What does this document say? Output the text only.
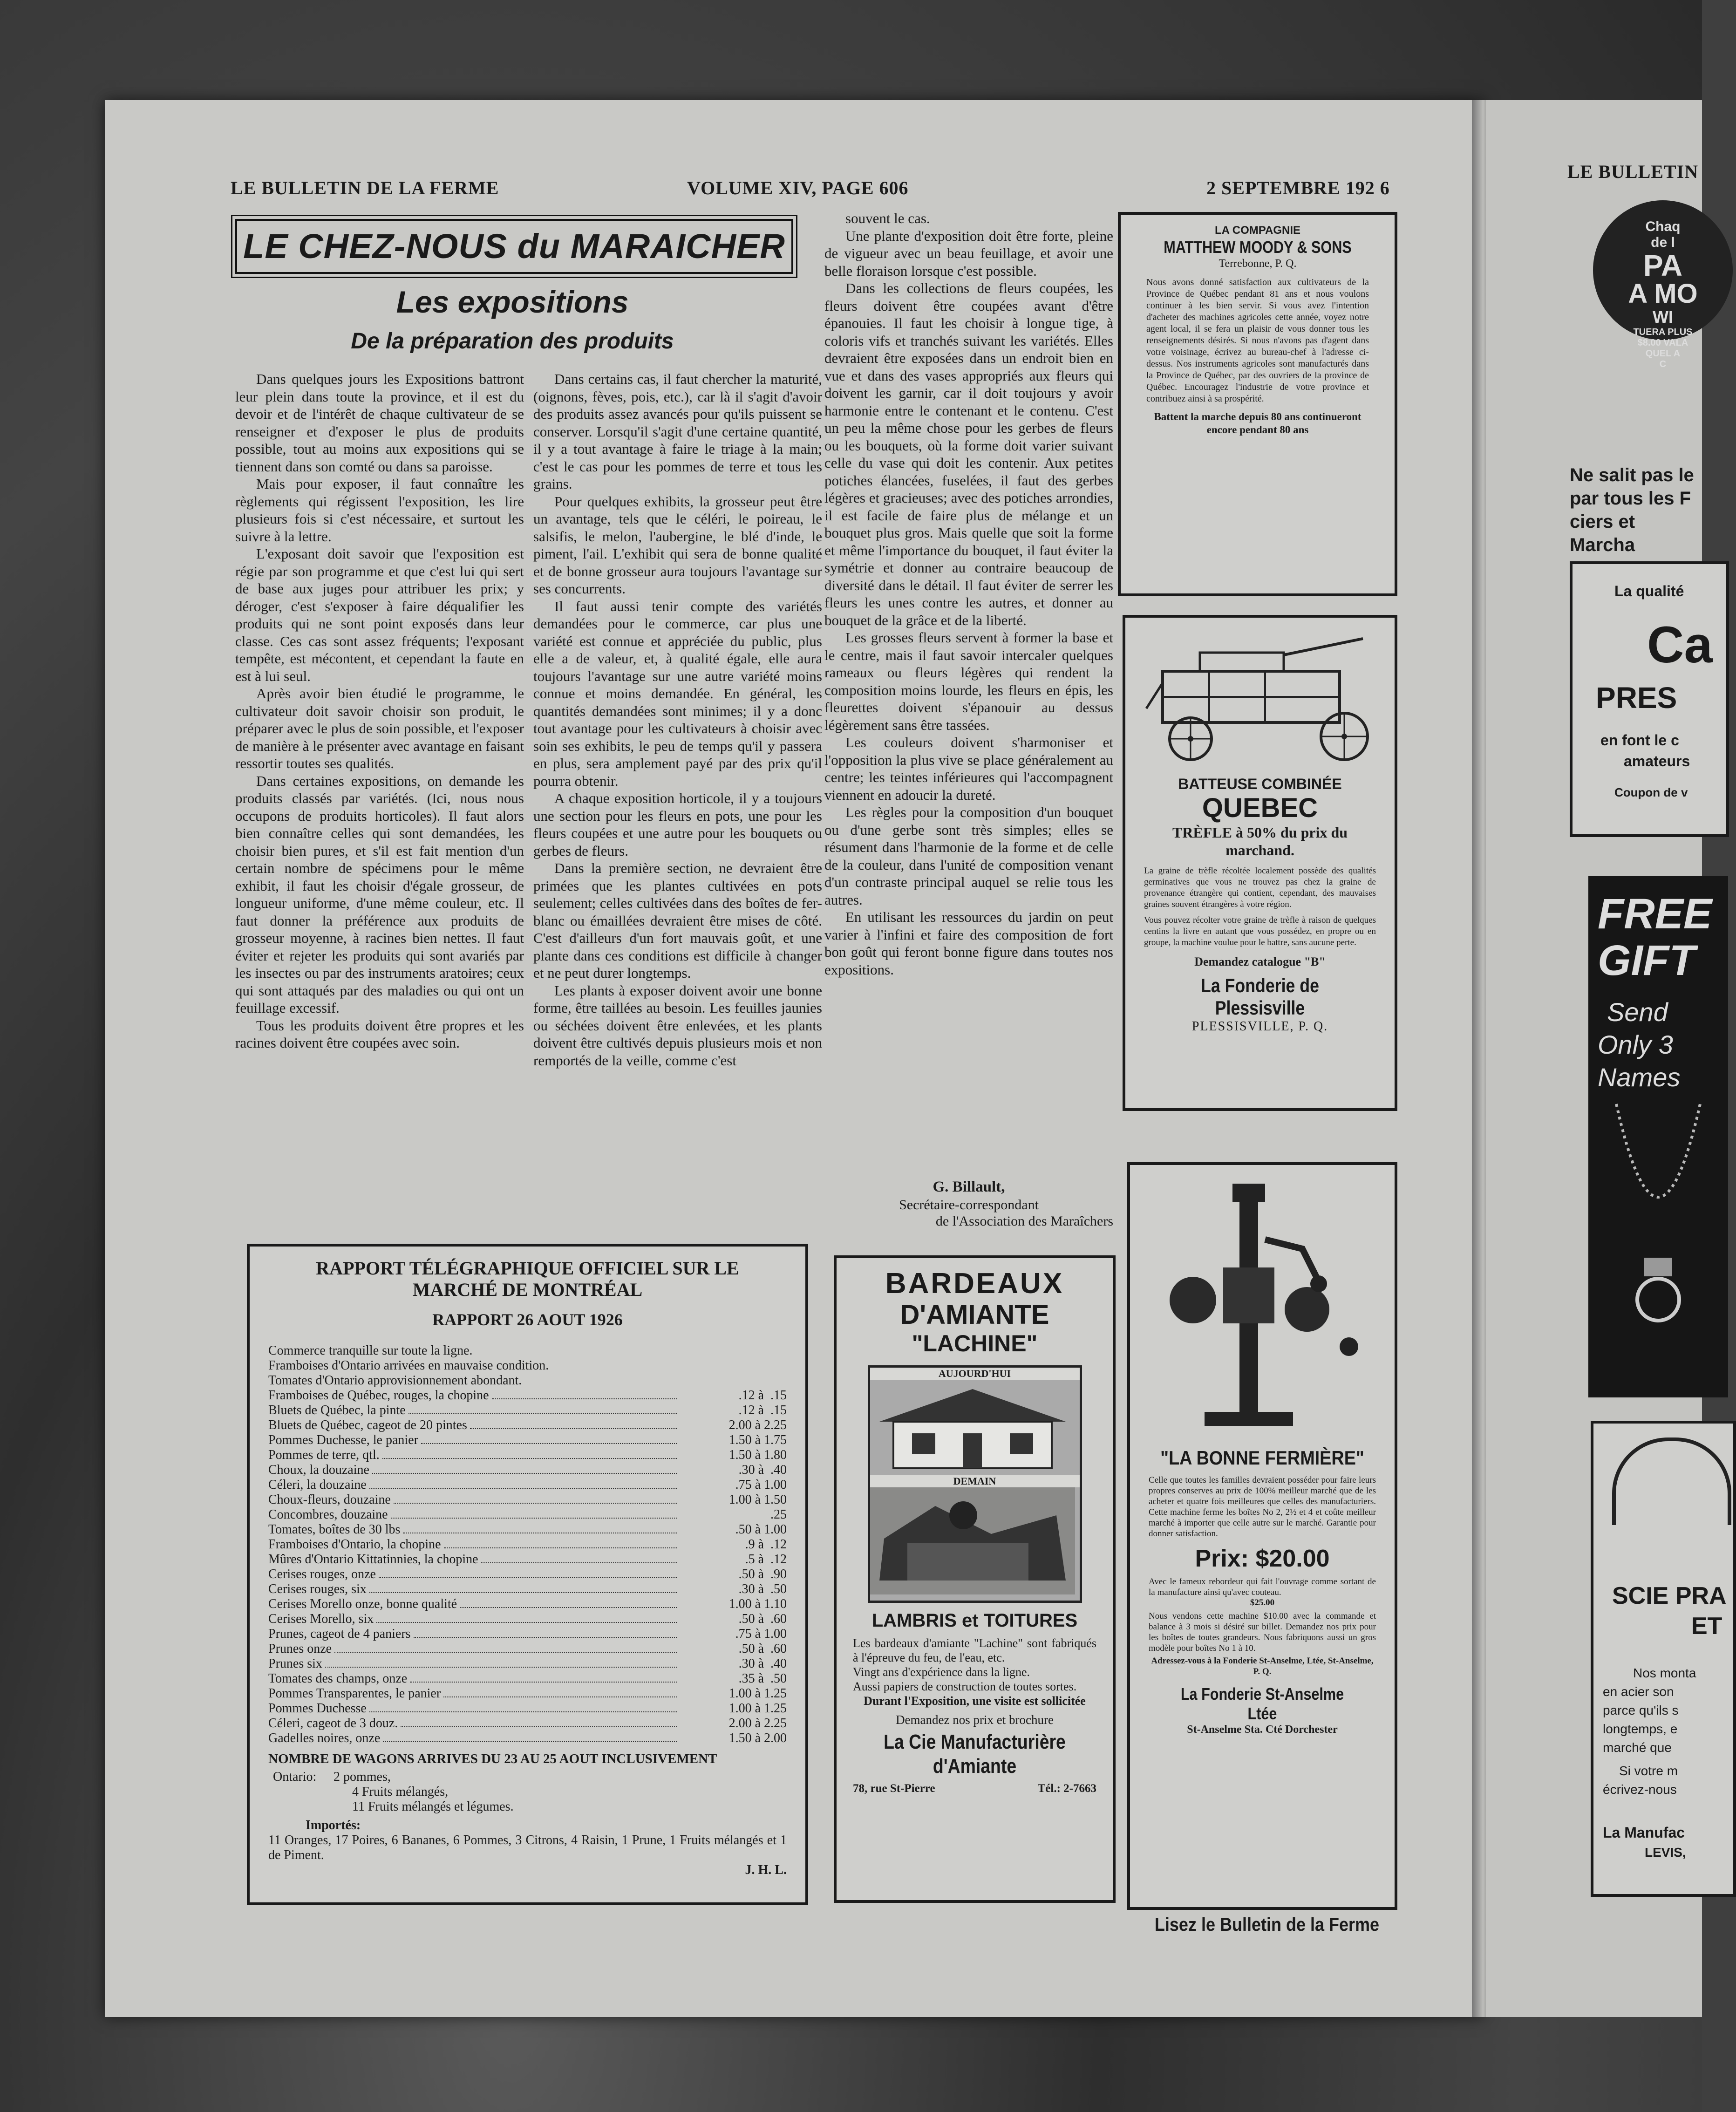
LE BULLETIN DE LA FERME	VOLUME XIV, PAGE 606	2 SEPTEMBRE 192 6
LE CHEZ-NOUS du MARAICHER
Les expositions
De la préparation des produits

Dans quelques jours les Expositions battront leur plein dans toute la province, et il est du devoir et de l'intérêt de chaque cultivateur de se renseigner et d'exposer le plus de produits possible, tout au moins aux expositions qui se tiennent dans son comté ou dans sa paroisse.

Mais pour exposer, il faut connaître les règlements qui régissent l'exposition, les lire plusieurs fois si c'est nécessaire, et surtout les suivre à la lettre.

L'exposant doit savoir que l'exposition est régie par son programme et que c'est lui qui sert de base aux juges pour attribuer les prix; y déroger, c'est s'exposer à faire déqualifier les produits qui ne sont point exposés dans leur classe. Ces cas sont assez fréquents; l'exposant tempête, est mécontent, et cependant la faute en est à lui seul.

Après avoir bien étudié le programme, le cultivateur doit savoir choisir son produit, le préparer avec le plus de soin possible, et l'exposer de manière à le présenter avec avantage en faisant ressortir toutes ses qualités.

Dans certaines expositions, on demande les produits classés par variétés. (Ici, nous nous occupons de produits horticoles). Il faut alors bien connaître celles qui sont demandées, les choisir bien pures, et s'il est fait mention d'un certain nombre de spécimens pour le même exhibit, il faut les choisir d'égale grosseur, de longueur uniforme, d'une même couleur, etc. Il faut donner la préférence aux produits de grosseur moyenne, à racines bien nettes. Il faut éviter et rejeter les produits qui sont avariés par les insectes ou par des instruments aratoires; ceux qui sont attaqués par des maladies ou qui ont un feuillage excessif.

Tous les produits doivent être propres et les racines doivent être coupées avec soin.

Dans certains cas, il faut chercher la maturité, (oignons, fèves, pois, etc.), car là il s'agit d'avoir des produits assez avancés pour qu'ils puissent se conserver. Lorsqu'il s'agit d'une certaine quantité, il y a tout avantage à faire le triage à la main; c'est le cas pour les pommes de terre et tous les grains.

Pour quelques exhibits, la grosseur peut être un avantage, tels que le céléri, le poireau, le salsifis, le melon, l'aubergine, le blé d'inde, le piment, l'ail. L'exhibit qui sera de bonne qualité et de bonne grosseur aura toujours l'avantage sur ses concurrents.

Il faut aussi tenir compte des variétés demandées pour le commerce, car plus une variété est connue et appréciée du public, plus elle a de valeur, et, à qualité égale, elle aura toujours l'avantage sur une autre variété moins connue et moins demandée. En général, les quantités demandées sont minimes; il y a donc tout avantage pour les cultivateurs à choisir avec soin ses exhibits, le peu de temps qu'il y passera en plus, sera amplement payé par des prix qu'il pourra obtenir.

A chaque exposition horticole, il y a toujours une section pour les fleurs en pots, une pour les fleurs coupées et une autre pour les bouquets ou gerbes de fleurs.

Dans la première section, ne devraient être primées que les plantes cultivées en pots seulement; celles cultivées dans des boîtes de fer-blanc ou émaillées devraient être mises de côté. C'est d'ailleurs d'un fort mauvais goût, et une plante dans ces conditions est difficile à changer et ne peut durer longtemps.

Les plants à exposer doivent avoir une bonne forme, être taillées au besoin. Les feuilles jaunies ou séchées doivent être enlevées, et les plants doivent être cultivés depuis plusieurs mois et non remportés de la veille, comme c'est

souvent le cas.

Une plante d'exposition doit être forte, pleine de vigueur avec un beau feuillage, et avoir une belle floraison lorsque c'est possible.

Dans les collections de fleurs coupées, les fleurs doivent être coupées avant d'être épanouies. Il faut les choisir à longue tige, à coloris vifs et tranchés suivant les variétés. Elles devraient être exposées dans un endroit bien en vue et dans des vases appropriés aux fleurs qui doivent les garnir, car il doit toujours y avoir harmonie entre le contenant et le contenu. C'est un peu la même chose pour les gerbes de fleurs ou les bouquets, où la forme doit varier suivant celle du vase qui doit les contenir. Aux petites potiches élancées, fuselées, il faut des gerbes légères et gracieuses; avec des potiches arrondies, il est facile de faire plus de mélange et un bouquet plus gros. Mais quelle que soit la forme et même l'importance du bouquet, il faut éviter la symétrie et donner au contraire beaucoup de diversité dans le détail. Il faut éviter de serrer les fleurs les unes contre les autres, et donner au bouquet de la grâce et de la liberté.

Les grosses fleurs servent à former la base et le centre, mais il faut savoir intercaler quelques rameaux ou fleurs légères qui rendent la composition moins lourde, les fleurs en épis, les fleurettes doivent s'épanouir au dessus légèrement sans être tassées.

Les couleurs doivent s'harmoniser et l'opposition la plus vive se place généralement au centre; les teintes inférieures qui l'accompagnent viennent en adoucir la dureté.

Les règles pour la composition d'un bouquet ou d'une gerbe sont très simples; elles se résument dans l'harmonie de la forme et de celle de la couleur, dans l'unité de composition venant d'un contraste principal auquel se relie tous les autres.

En utilisant les ressources du jardin on peut varier à l'infini et faire des composition de fort bon goût qui feront bonne figure dans toutes nos expositions.

G. Billault,
Secrétaire-correspondant
de l'Association des Maraîchers
RAPPORT TÉLÉGRAPHIQUE OFFICIEL SUR LE MARCHÉ DE MONTRÉAL
RAPPORT 26 AOUT 1926
Commerce tranquille sur toute la ligne.
Framboises d'Ontario arrivées en mauvaise condition.
Tomates d'Ontario approvisionnement abondant.
Framboises de Québec, rouges, la chopine	.12 à  .15
Bluets de Québec, la pinte	.12 à  .15
Bluets de Québec, cageot de 20 pintes	2.00 à 2.25
Pommes Duchesse, le panier	1.50 à 1.75
Pommes de terre, qtl.	1.50 à 1.80
Choux, la douzaine	.30 à  .40
Céleri, la douzaine	.75 à 1.00
Choux-fleurs, douzaine	1.00 à 1.50
Concombres, douzaine	.25
Tomates, boîtes de 30 lbs	.50 à 1.00
Framboises d'Ontario, la chopine	.9 à  .12
Mûres d'Ontario Kittatinnies, la chopine	.5 à  .12
Cerises rouges, onze	.50 à  .90
Cerises rouges, six	.30 à  .50
Cerises Morello onze, bonne qualité	1.00 à 1.10
Cerises Morello, six	.50 à  .60
Prunes, cageot de 4 paniers	.75 à 1.00
Prunes onze	.50 à  .60
Prunes six	.30 à  .40
Tomates des champs, onze	.35 à  .50
Pommes Transparentes, le panier	1.00 à 1.25
Pommes Duchesse	1.00 à 1.25
Céleri, cageot de 3 douz.	2.00 à 2.25
Gadelles noires, onze	1.50 à 2.00
NOMBRE DE WAGONS ARRIVES DU 23 AU 25 AOUT INCLUSIVEMENT
Ontario:	2 pommes,
4 Fruits mélangés,
11 Fruits mélangés et légumes.
Importés:
11 Oranges, 17 Poires, 6 Bananes, 6 Pommes, 3 Citrons, 4 Raisin, 1 Prune, 1 Fruits mélangés et 1 de Piment.
J. H. L.
LA COMPAGNIE
MATTHEW MOODY & SONS
Terrebonne, P. Q.
Nous avons donné satisfaction aux cultivateurs de la Province de Québec pendant 81 ans et nous voulons continuer à les bien servir. Si vous avez l'intention d'acheter des machines agricoles cette année, voyez notre agent local, il se fera un plaisir de vous donner tous les renseignements désirés. Si nous n'avons pas d'agent dans votre voisinage, écrivez au bureau-chef à l'adresse ci-dessus. Nos instruments agricoles sont manufacturés dans la Province de Québec, par des ouvriers de la province de Québec. Encouragez l'industrie de votre province et contribuez ainsi à sa prospérité.
Battent la marche depuis 80 ans continueront encore pendant 80 ans
BATTEUSE COMBINÉE
QUEBEC
TRÈFLE à 50% du prix du marchand.
La graine de trèfle récoltée localement possède des qualités germinatives que vous ne trouvez pas chez la graine de provenance étrangère qui contient, cependant, des mauvaises graines souvent étrangères à votre région.
Vous pouvez récolter votre graine de trèfle à raison de quelques centins la livre en autant que vous possédez, en propre ou en groupe, la machine voulue pour le battre, sans aucune perte.
Demandez catalogue "B"
La Fonderie de Plessisville
PLESSISVILLE, P. Q.
BARDEAUX
D'AMIANTE
"LACHINE"
AUJOURD'HUI
DEMAIN
LAMBRIS et TOITURES
Les bardeaux d'amiante "Lachine" sont fabriqués à l'épreuve du feu, de l'eau, etc.
Vingt ans d'expérience dans la ligne.
Aussi papiers de construction de toutes sortes.
Durant l'Exposition, une visite est sollicitée
Demandez nos prix et brochure
La Cie Manufacturière d'Amiante
78, rue St-Pierre	Tél.: 2-7663
"LA BONNE FERMIÈRE"
Celle que toutes les familles devraient posséder pour faire leurs propres conserves au prix de 100% meilleur marché que de les acheter et quatre fois meilleures que celles des manufacturiers. Cette machine ferme les boîtes No 2, 2½ et 4 et coûte meilleur marché à importer que celle autre sur le marché. Garantie pour donner satisfaction.
Prix: $20.00
Avec le fameux rebordeur qui fait l'ouvrage comme sortant de la manufacture ainsi qu'avec couteau.
$25.00
Nous vendons cette machine $10.00 avec la commande et balance à 3 mois si désiré sur billet. Demandez nos prix pour les boîtes de toutes grandeurs. Nous fabriquons aussi un gros modèle pour boîtes No 1 à 10.
Adressez-vous à la Fonderie St-Anselme, Ltée, St-Anselme, P. Q.
La Fonderie St-Anselme Ltée
St-Anselme Sta. Cté Dorchester
Lisez le Bulletin de la Ferme
LE BULLETIN
Chaq
de l
PA
A MO
WI
TUERA PLUS
$8.00 VALA
QUEL A
C
Ne salit pas le
par tous les F
ciers et Marcha
La qualité
Ca
PRES
en font le c
amateurs
Coupon de v
FREE
GIFT
Send
Only 3
Names
SCIE PRA
ET
Nos monta
en acier son
parce qu'ils s
longtemps, e
marché que
Si votre m
écrivez-nous
La Manufac
LEVIS,
